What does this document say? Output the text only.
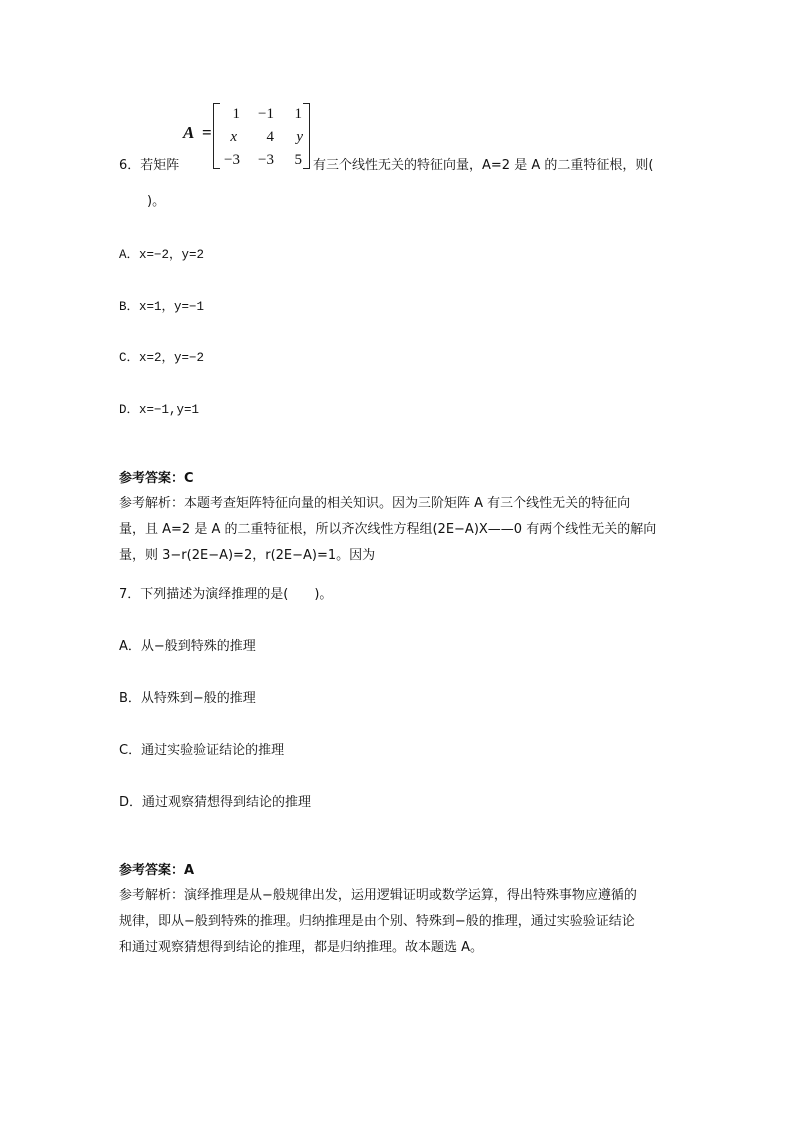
A =
1	−1	1
x	4	y
−3	−3	5
6．若矩阵	有三个线性无关的特征向量，A=2 是 A 的二重特征根，则(
)。
A．x=−2，y=2
B．x=1，y=−1
C．x=2，y=−2
D．x=−1,y=1
参考答案：C
参考解析：本题考查矩阵特征向量的相关知识。因为三阶矩阵 A 有三个线性无关的特征向
量，且 A=2 是 A 的二重特征根，所以齐次线性方程组(2E−A)X——0 有两个线性无关的解向
量，则 3−r(2E−A)=2，r(2E−A)=1。因为
7．下列描述为演绎推理的是(　　)。
A．从−般到特殊的推理
B．从特殊到−般的推理
C．通过实验验证结论的推理
D．通过观察猜想得到结论的推理
参考答案：A
参考解析：演绎推理是从−般规律出发，运用逻辑证明或数学运算，得出特殊事物应遵循的
规律，即从−般到特殊的推理。归纳推理是由个别、特殊到−般的推理，通过实验验证结论
和通过观察猜想得到结论的推理，都是归纳推理。故本题选 A。
